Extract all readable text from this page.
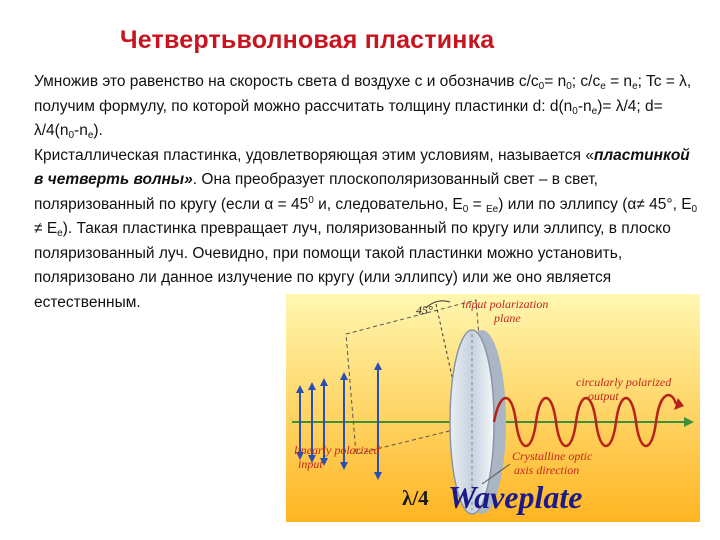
Четвертьволновая пластинка

Умножив это равенство на скорость света d воздухе с и обозначив $c/c_0= n_0$; $c/c_e = n_e$; Tc = λ, получим формулу, по которой можно рассчитать толщину пластинки d: $d(n_0-n_e)= \lambda/4$; $d= \lambda/4(n_0-n_e)$.

Кристаллическая пластинка, удовлетворяющая этим условиям, называется «пластинкой в четверть волны». Она преобразует плоскополяризованный свет – в свет, поляризованный по кругу (если $\alpha = 45^0$ и, следовательно, $E_0 = _{Ee}$) или по эллипсу (α≠ 45°, $E_0 \ne E_e$). Такая пластинка превращает луч, поляризованный по кругу или эллипсу, в плоско поляризованный луч. Очевидно, при помощи такой пластинки можно установить, поляризовано ли данное излучение по кругу (или эллипсу) или же оно является естественным.	45° input polarization
plane
circularly polarized
output
linearly polarized
input
Crystalline optic
axis direction
λ/4 Waveplate
